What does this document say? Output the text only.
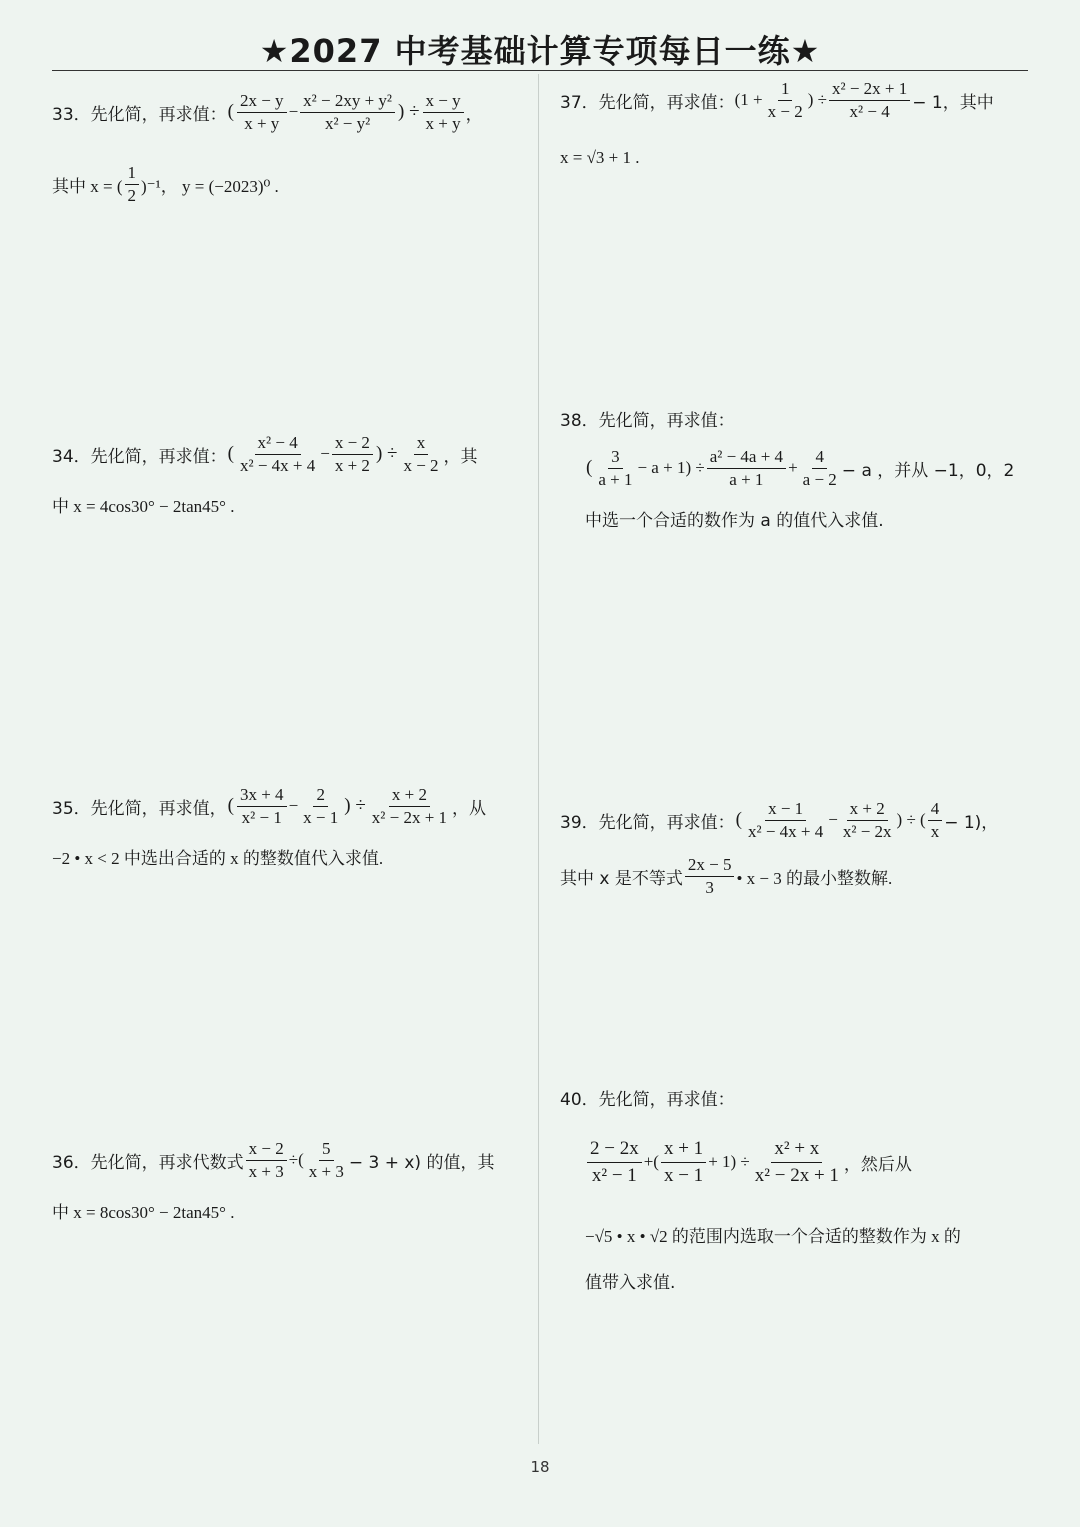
★2027 中考基础计算专项每日一练★
33．先化简，再求值： ( $\frac{2x - y}{x + y} - \frac{\text{x² − 2xy + y²}}{\text{x² − y²}}$ ) ÷ $\frac{x - y}{x + y}$ ，
其中 x = ( $\frac{1}{2} )^{-1}$， y = (−2023)⁰ .
34．先化简，再求值： ( $\frac{\text{x² − 4}}{\text{x² − 4x + 4}} - \frac{x - 2}{x + 2}$ ) ÷ $\frac{x}{x - 2}$ ，其
中 x = 4cos30° − 2tan45° .
35．先化简，再求值， ( $\frac{3x + 4}{\text{x² − 1}} - \frac{2}{x - 1}$ ) ÷ $\frac{x + 2}{\text{x² − 2x + 1}}$ ，从
−2 • x < 2 中选出合适的 x 的整数值代入求值.
36．先化简，再求代数式 $\frac{x - 2}{x + 3}$ ÷( $\frac{5}{x + 3} - 3 + x$) 的值，其
中 x = 8cos30° − 2tan45° .
37．先化简，再求值： ($1 + \frac{1}{x - 2}$ ) ÷ $\frac{\text{x² − 2x + 1}}{\text{x² − 4}} - 1$，其中
x = √3 + 1 .
38．先化简，再求值：
( $\frac{3}{a + 1} - a + 1) \div \frac{\text{a² − 4a + 4}}{a + 1} + \frac{4}{a - 2} - a$ ，并从 −1，0，2
中选一个合适的数作为 a 的值代入求值.
39．先化简，再求值： ( $\frac{x - 1}{\text{x² − 4x + 4}} - \frac{x + 2}{\text{x² − 2x}}$ ) ÷ ( $\frac{4}{x} - 1$)，
其中 x 是不等式 $\frac{2x - 5}{3}$ • x − 3 的最小整数解.
40．先化简，再求值：
$\frac{2 - 2x}{\text{x² − 1}}$ +( $\frac{x + 1}{x - 1} + 1) \div \frac{\text{x² + x}}{\text{x² − 2x + 1}}$ ，然后从
−√5 • x • √2 的范围内选取一个合适的整数作为 x 的
值带入求值.
18
